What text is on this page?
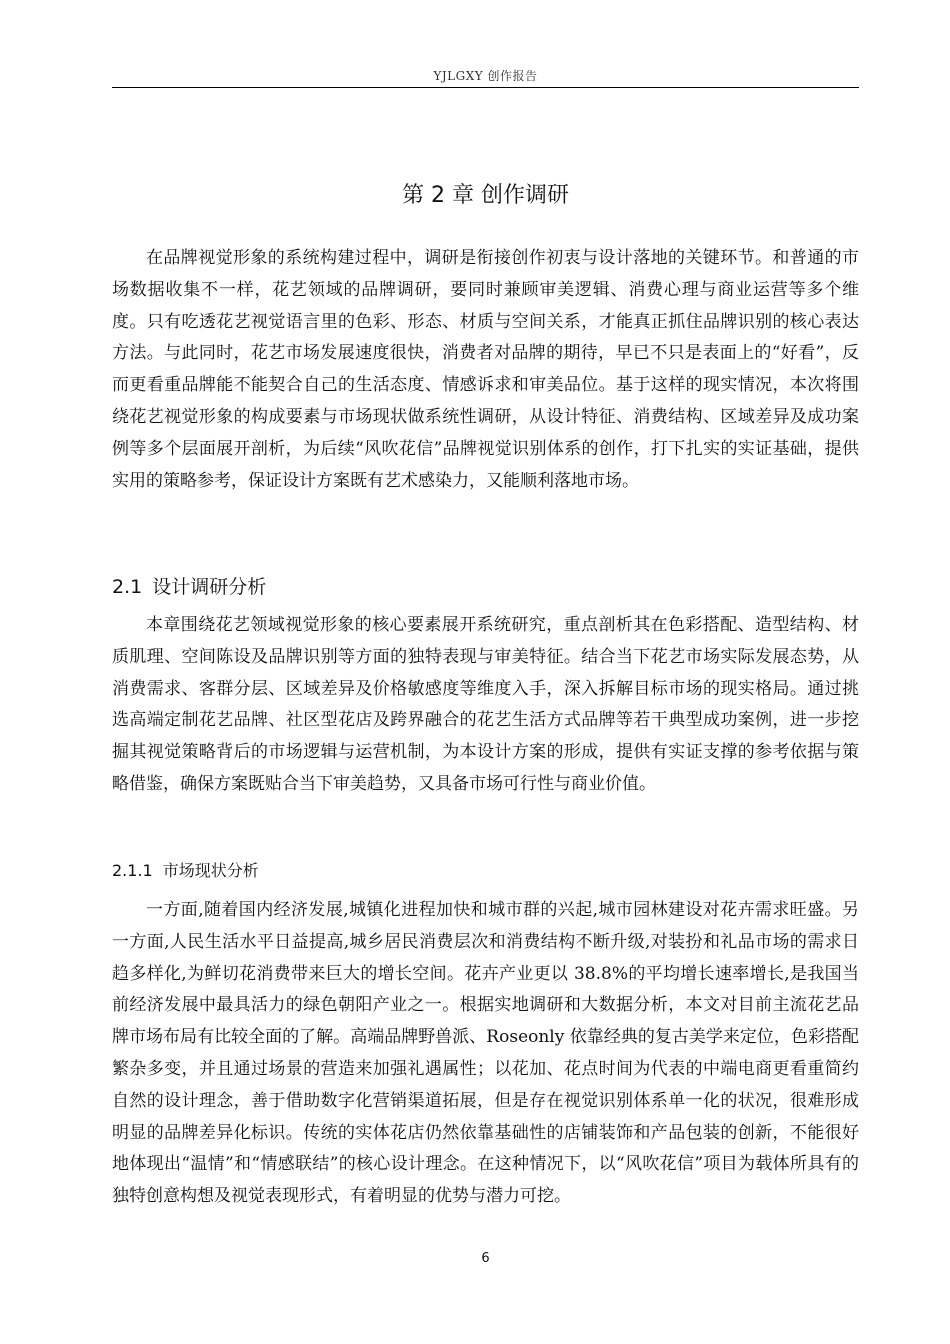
YJLGXY 创作报告
第 2 章 创作调研

在品牌视觉形象的系统构建过程中，调研是衔接创作初衷与设计落地的关键环节。和普通的市场数据收集不一样，花艺领域的品牌调研，要同时兼顾审美逻辑、消费心理与商业运营等多个维度。只有吃透花艺视觉语言里的色彩、形态、材质与空间关系，才能真正抓住品牌识别的核心表达方法。与此同时，花艺市场发展速度很快，消费者对品牌的期待，早已不只是表面上的“好看”，反而更看重品牌能不能契合自己的生活态度、情感诉求和审美品位。基于这样的现实情况，本次将围绕花艺视觉形象的构成要素与市场现状做系统性调研，从设计特征、消费结构、区域差异及成功案例等多个层面展开剖析，为后续“风吹花信”品牌视觉识别体系的创作，打下扎实的实证基础，提供实用的策略参考，保证设计方案既有艺术感染力，又能顺利落地市场。

2.1 设计调研分析

本章围绕花艺领域视觉形象的核心要素展开系统研究，重点剖析其在色彩搭配、造型结构、材质肌理、空间陈设及品牌识别等方面的独特表现与审美特征。结合当下花艺市场实际发展态势，从消费需求、客群分层、区域差异及价格敏感度等维度入手，深入拆解目标市场的现实格局。通过挑选高端定制花艺品牌、社区型花店及跨界融合的花艺生活方式品牌等若干典型成功案例，进一步挖掘其视觉策略背后的市场逻辑与运营机制，为本设计方案的形成，提供有实证支撑的参考依据与策略借鉴，确保方案既贴合当下审美趋势，又具备市场可行性与商业价值。

2.1.1 市场现状分析

一方面,随着国内经济发展,城镇化进程加快和城市群的兴起,城市园林建设对花卉需求旺盛。另一方面,人民生活水平日益提高,城乡居民消费层次和消费结构不断升级,对装扮和礼品市场的需求日趋多样化,为鲜切花消费带来巨大的增长空间。花卉产业更以 38.8%的平均增长速率增长,是我国当前经济发展中最具活力的绿色朝阳产业之一。根据实地调研和大数据分析，本文对目前主流花艺品牌市场布局有比较全面的了解。高端品牌野兽派、Roseonly 依靠经典的复古美学来定位，色彩搭配繁杂多变，并且通过场景的营造来加强礼遇属性；以花加、花点时间为代表的中端电商更看重简约自然的设计理念，善于借助数字化营销渠道拓展，但是存在视觉识别体系单一化的状况，很难形成明显的品牌差异化标识。传统的实体花店仍然依靠基础性的店铺装饰和产品包装的创新，不能很好地体现出“温情”和“情感联结”的核心设计理念。在这种情况下，以“风吹花信”项目为载体所具有的独特创意构想及视觉表现形式，有着明显的优势与潜力可挖。

6
